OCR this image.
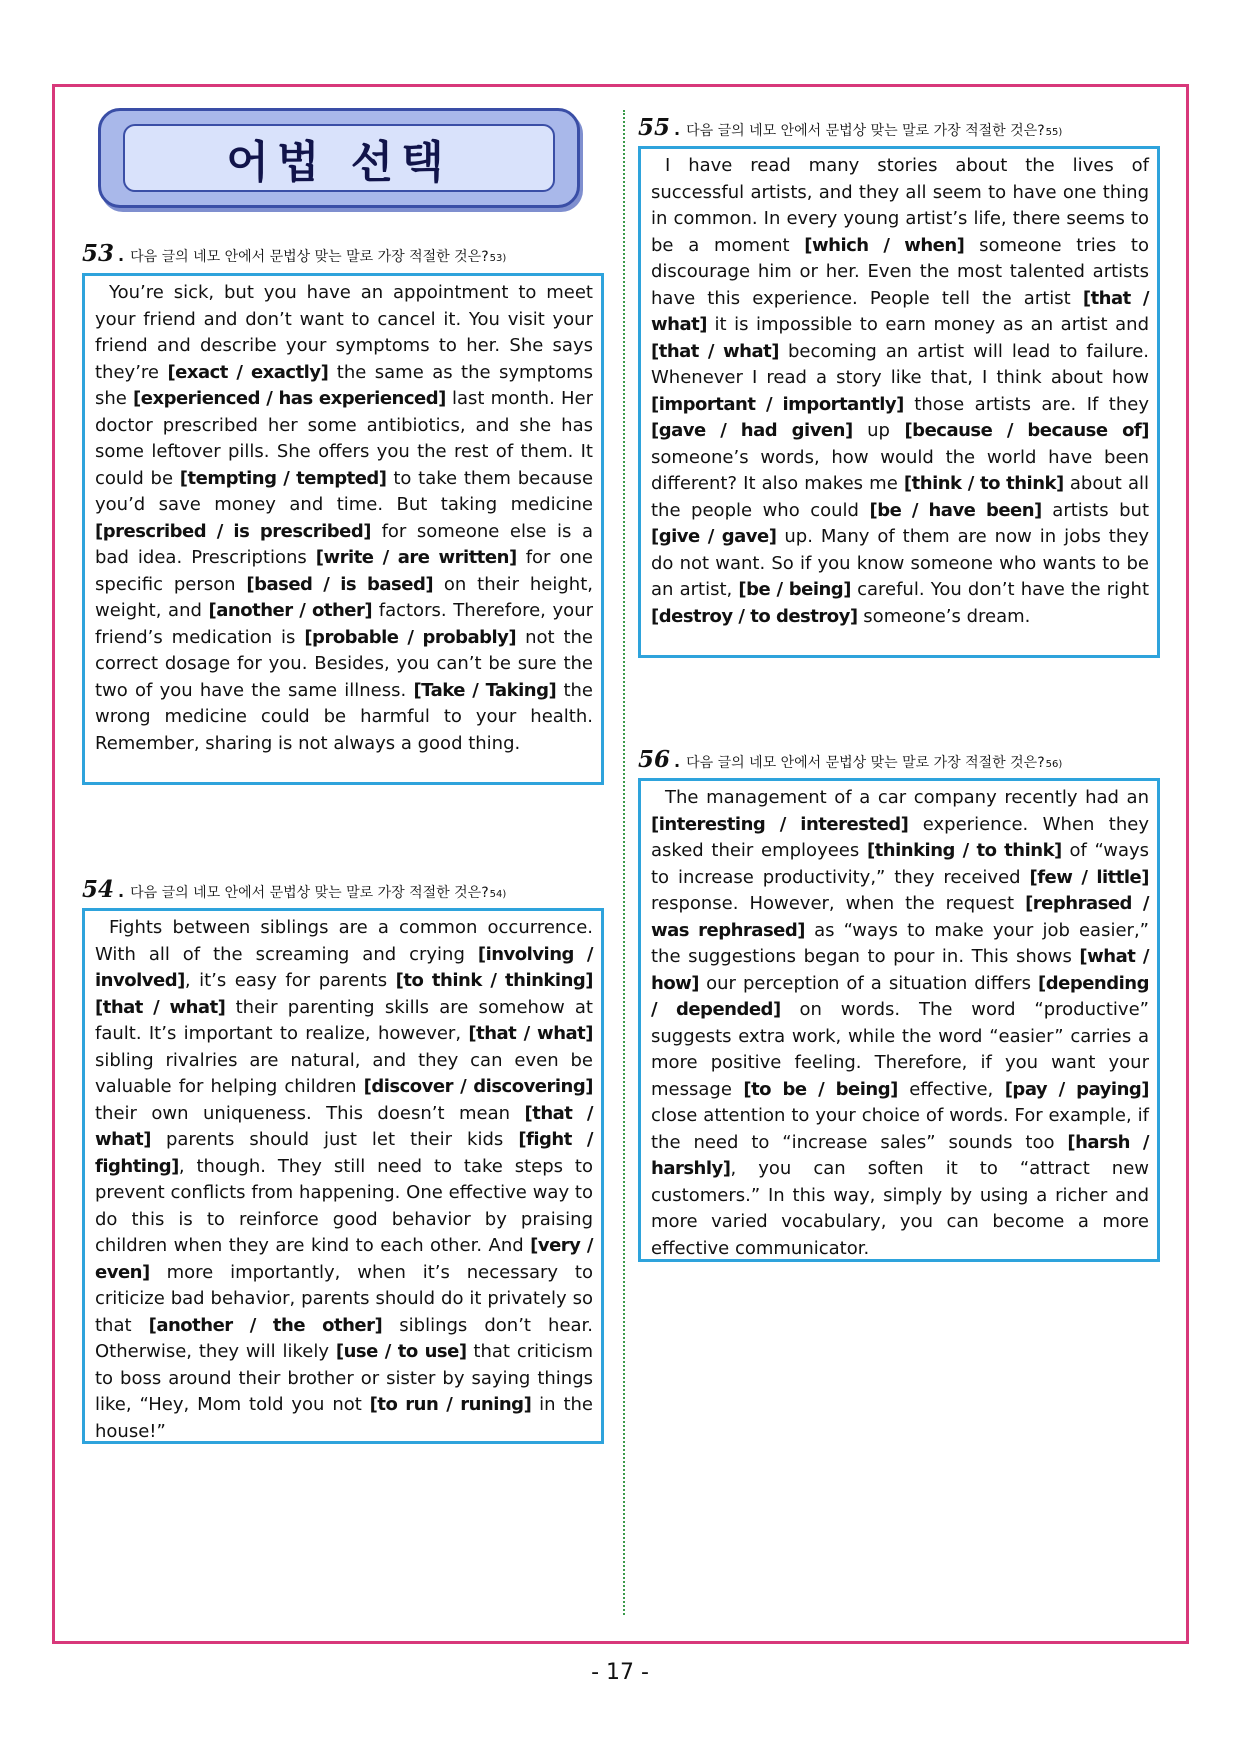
어법 선택
53 . 다음 글의 네모 안에서 문법상 맞는 말로 가장 적절한 것은? 53)

You’re sick, but you have an appointment to meet your friend and don’t want to cancel it. You visit your friend and describe your symptoms to her. She says they’re [exact / exactly] the same as the symptoms she [experienced / has experienced] last month. Her doctor prescribed her some antibiotics, and she has some leftover pills. She offers you the rest of them. It could be [tempting / tempted] to take them because you’d save money and time. But taking medicine [prescribed / is prescribed] for someone else is a bad idea. Prescriptions [write / are written] for one specific person [based / is based] on their height, weight, and [another / other] factors. Therefore, your friend’s medication is [probable / probably] not the correct dosage for you. Besides, you can’t be sure the two of you have the same illness. [Take / Taking] the wrong medicine could be harmful to your health. Remember, sharing is not always a good thing.

54 . 다음 글의 네모 안에서 문법상 맞는 말로 가장 적절한 것은? 54)

Fights between siblings are a common occurrence. With all of the screaming and crying [involving / involved], it’s easy for parents [to think / thinking] [that / what] their parenting skills are somehow at fault. It’s important to realize, however, [that / what] sibling rivalries are natural, and they can even be valuable for helping children [discover / discovering] their own uniqueness. This doesn’t mean [that / what] parents should just let their kids [fight / fighting], though. They still need to take steps to prevent conflicts from happening. One effective way to do this is to reinforce good behavior by praising children when they are kind to each other. And [very / even] more importantly, when it’s necessary to criticize bad behavior, parents should do it privately so that [another / the other] siblings don’t hear. Otherwise, they will likely [use / to use] that criticism to boss around their brother or sister by saying things like, “Hey, Mom told you not [to run / runing] in the house!”

55 . 다음 글의 네모 안에서 문법상 맞는 말로 가장 적절한 것은? 55)

I have read many stories about the lives of successful artists, and they all seem to have one thing in common. In every young artist’s life, there seems to be a moment [which / when] someone tries to discourage him or her. Even the most talented artists have this experience. People tell the artist [that / what] it is impossible to earn money as an artist and [that / what] becoming an artist will lead to failure. Whenever I read a story like that, I think about how [important / importantly] those artists are. If they [gave / had given] up [because / because of] someone’s words, how would the world have been different? It also makes me [think / to think] about all the people who could [be / have been] artists but [give / gave] up. Many of them are now in jobs they do not want. So if you know someone who wants to be an artist, [be / being] careful. You don’t have the right [destroy / to destroy] someone’s dream.

56 . 다음 글의 네모 안에서 문법상 맞는 말로 가장 적절한 것은? 56)

The management of a car company recently had an [interesting / interested] experience. When they asked their employees [thinking / to think] of “ways to increase productivity,” they received [few / little] response. However, when the request [rephrased / was rephrased] as “ways to make your job easier,” the suggestions began to pour in. This shows [what / how] our perception of a situation differs [depending / depended] on words. The word “productive” suggests extra work, while the word “easier” carries a more positive feeling. Therefore, if you want your message [to be / being] effective, [pay / paying] close attention to your choice of words. For example, if the need to “increase sales” sounds too [harsh / harshly], you can soften it to “attract new customers.” In this way, simply by using a richer and more varied vocabulary, you can become a more effective communicator.

- 17 -
